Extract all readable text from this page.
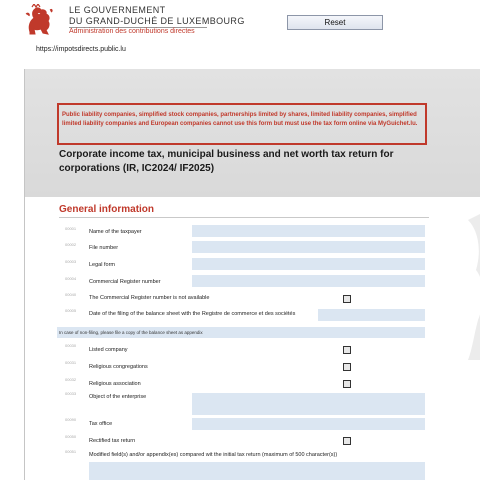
LE GOUVERNEMENT
DU GRAND-DUCHÉ DE LUXEMBOURG
Administration des contributions directes
Reset
https://impotsdirects.public.lu
Public liability companies, simplified stock companies, partnerships limited by shares, limited liability companies, simplified limited liability companies and European companies cannot use this form but must use the tax form online via MyGuichet.lu.
Corporate income tax, municipal business and net worth tax return for corporations (IR, IC2024/ IF2025)
General information
00001
Name of the taxpayer
00002
File number
00003
Legal form
00004
Commercial Register number
00040
The Commercial Register number is not available
00005
Date of the filing of the balance sheet with the Registre de commerce et des sociétés
In case of non-filing, please file a copy of the balance sheet as appendix
00030
Listed company
00031
Religious congregations
00032
Religious association
00033
Object of the enterprise
00090
Tax office
00050
Rectified tax return
00051
Modified field(s) and/or appendix(es) compared wit the initial tax return (maximum of 500 character(s))
